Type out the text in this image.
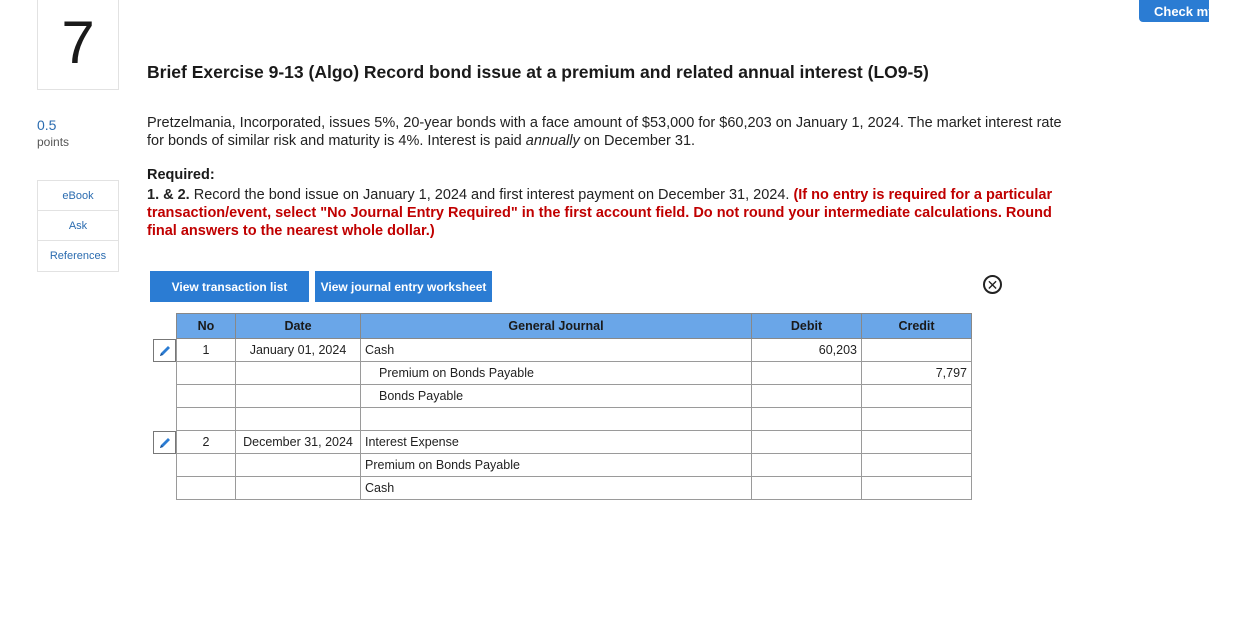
Check my work
7
0.5
points
eBook
Ask
References
Brief Exercise 9-13 (Algo) Record bond issue at a premium and related annual interest (LO9-5)
Pretzelmania, Incorporated, issues 5%, 20-year bonds with a face amount of $53,000 for $60,203 on January 1, 2024. The market interest rate for bonds of similar risk and maturity is 4%. Interest is paid annually on December 31.
Required:
1. & 2. Record the bond issue on January 1, 2024 and first interest payment on December 31, 2024. (If no entry is required for a particular transaction/event, select "No Journal Entry Required" in the first account field. Do not round your intermediate calculations. Round final answers to the nearest whole dollar.)
View transaction list	View journal entry worksheet	✕
No	Date	General Journal	Debit	Credit
1	January 01, 2024	Cash	60,203	
		Premium on Bonds Payable		7,797
		Bonds Payable		

2	December 31, 2024	Interest Expense		
		Premium on Bonds Payable		
		Cash		
